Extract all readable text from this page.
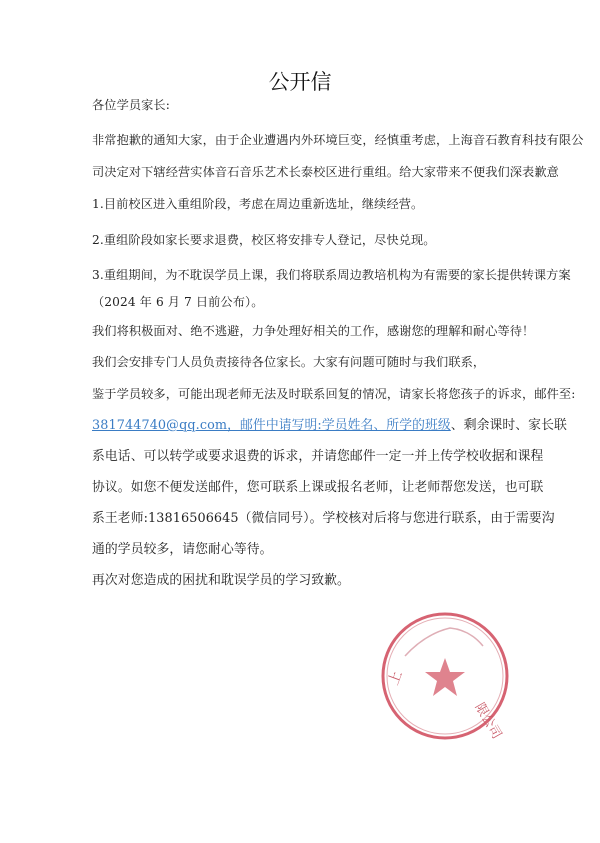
公开信
各位学员家长:
非常抱歉的通知大家，由于企业遭遇内外环境巨变，经慎重考虑，上海音石教育科技有限公
司决定对下辖经营实体音石音乐艺术长泰校区进行重组。给大家带来不便我们深表歉意
1.目前校区进入重组阶段，考虑在周边重新选址，继续经营。
2.重组阶段如家长要求退费，校区将安排专人登记，尽快兑现。
3.重组期间，为不耽误学员上课，我们将联系周边教培机构为有需要的家长提供转课方案
（2024 年 6 月 7 日前公布）。
我们将积极面对、绝不逃避，力争处理好相关的工作，感谢您的理解和耐心等待！
我们会安排专门人员负责接待各位家长。大家有问题可随时与我们联系，
鉴于学员较多，可能出现老师无法及时联系回复的情况，请家长将您孩子的诉求，邮件至:
381744740@qq.com，邮件中请写明:学员姓名、所学的班级、剩余课时、家长联
系电话、可以转学或要求退费的诉求，并请您邮件一定一并上传学校收据和课程
协议。如您不便发送邮件，您可联系上课或报名老师，让老师帮您发送，也可联
系王老师:13816506645（微信同号）。学校核对后将与您进行联系，由于需要沟
通的学员较多，请您耐心等待。
再次对您造成的困扰和耽误学员的学习致歉。
上
限公司
